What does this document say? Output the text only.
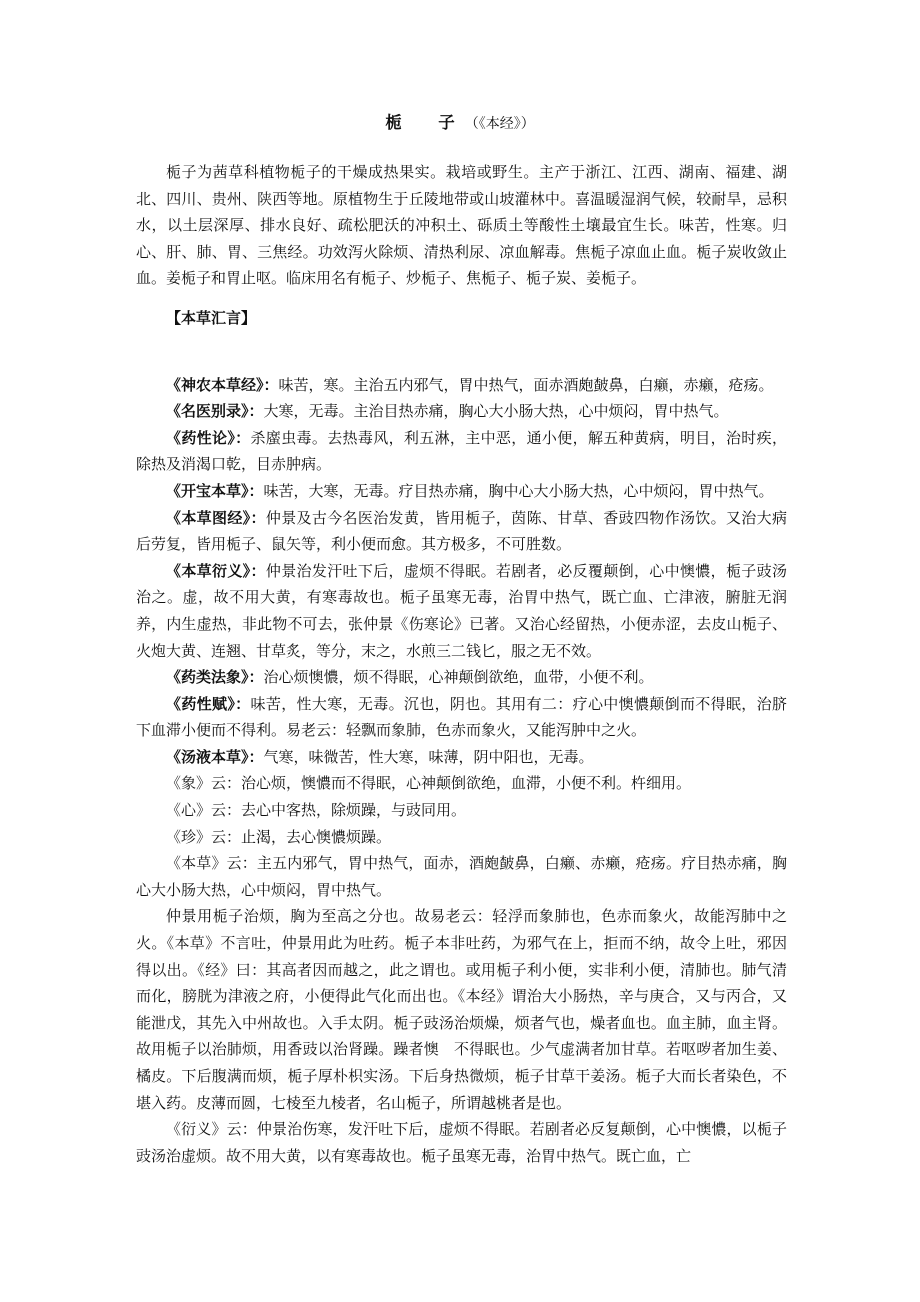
栀　子（《本经》）

栀子为茜草科植物栀子的干燥成热果实。栽培或野生。主产于浙江、江西、湖南、福建、湖北、四川、贵州、陕西等地。原植物生于丘陵地带或山坡灌林中。喜温暖湿润气候，较耐旱，忌积水，以土层深厚、排水良好、疏松肥沃的冲积土、砾质土等酸性土壤最宜生长。味苦，性寒。归心、肝、肺、胃、三焦经。功效泻火除烦、清热利尿、凉血解毒。焦栀子凉血止血。栀子炭收敛止血。姜栀子和胃止呕。临床用名有栀子、炒栀子、焦栀子、栀子炭、姜栀子。

【本草汇言】

《神农本草经》：味苦，寒。主治五内邪气，胃中热气，面赤酒皰皶鼻，白癞，赤癞，疮疡。

《名医别录》：大寒，无毒。主治目热赤痛，胸心大小肠大热，心中烦闷，胃中热气。

《药性论》：杀䗪虫毒。去热毒风，利五淋，主中恶，通小便，解五种黄病，明目，治时疾，除热及消渴口乾，目赤肿病。

《开宝本草》：味苦，大寒，无毒。疗目热赤痛，胸中心大小肠大热，心中烦闷，胃中热气。

《本草图经》：仲景及古今名医治发黄，皆用栀子，茵陈、甘草、香豉四物作汤饮。又治大病后劳复，皆用栀子、鼠矢等，利小便而愈。其方极多，不可胜数。

《本草衍义》：仲景治发汗吐下后，虚烦不得眠。若剧者，必反覆颠倒，心中懊憹，栀子豉汤治之。虚，故不用大黄，有寒毒故也。栀子虽寒无毒，治胃中热气，既亡血、亡津液，腑脏无润养，内生虚热，非此物不可去，张仲景《伤寒论》已著。又治心经留热，小便赤涩，去皮山栀子、火炮大黄、连翘、甘草炙，等分，末之，水煎三二钱匕，服之无不效。

《药类法象》：治心烦懊憹，烦不得眠，心神颠倒欲绝，血带，小便不利。

《药性赋》：味苦，性大寒，无毒。沉也，阴也。其用有二：疗心中懊憹颠倒而不得眠，治脐下血滞小便而不得利。易老云：轻飘而象肺，色赤而象火，又能泻肿中之火。

《汤液本草》：气寒，味微苦，性大寒，味薄，阴中阳也，无毒。

《象》云：治心烦，懊憹而不得眠，心神颠倒欲绝，血滞，小便不利。杵细用。

《心》云：去心中客热，除烦躁，与豉同用。

《珍》云：止渴，去心懊憹烦躁。

《本草》云：主五内邪气，胃中热气，面赤，酒皰皶鼻，白癞、赤癞，疮疡。疗目热赤痛，胸心大小肠大热，心中烦闷，胃中热气。

仲景用栀子治烦，胸为至高之分也。故易老云：轻浮而象肺也，色赤而象火，故能泻肺中之火。《本草》不言吐，仲景用此为吐药。栀子本非吐药，为邪气在上，拒而不纳，故令上吐，邪因得以出。《经》曰：其高者因而越之，此之谓也。或用栀子利小便，实非利小便，清肺也。肺气清而化，膀胱为津液之府，小便得此气化而出也。《本经》谓治大小肠热，辛与庚合，又与丙合，又能泄戊，其先入中州故也。入手太阴。栀子豉汤治烦燥，烦者气也，燥者血也。血主肺，血主肾。故用栀子以治肺烦，用香豉以治肾躁。躁者懊　不得眠也。少气虚满者加甘草。若呕哕者加生姜、橘皮。下后腹满而烦，栀子厚朴枳实汤。下后身热微烦，栀子甘草干姜汤。栀子大而长者染色，不堪入药。皮薄而圆，七棱至九棱者，名山栀子，所谓越桃者是也。

《衍义》云：仲景治伤寒，发汗吐下后，虚烦不得眠。若剧者必反复颠倒，心中懊憹，以栀子豉汤治虚烦。故不用大黄，以有寒毒故也。栀子虽寒无毒，治胃中热气。既亡血，亡
